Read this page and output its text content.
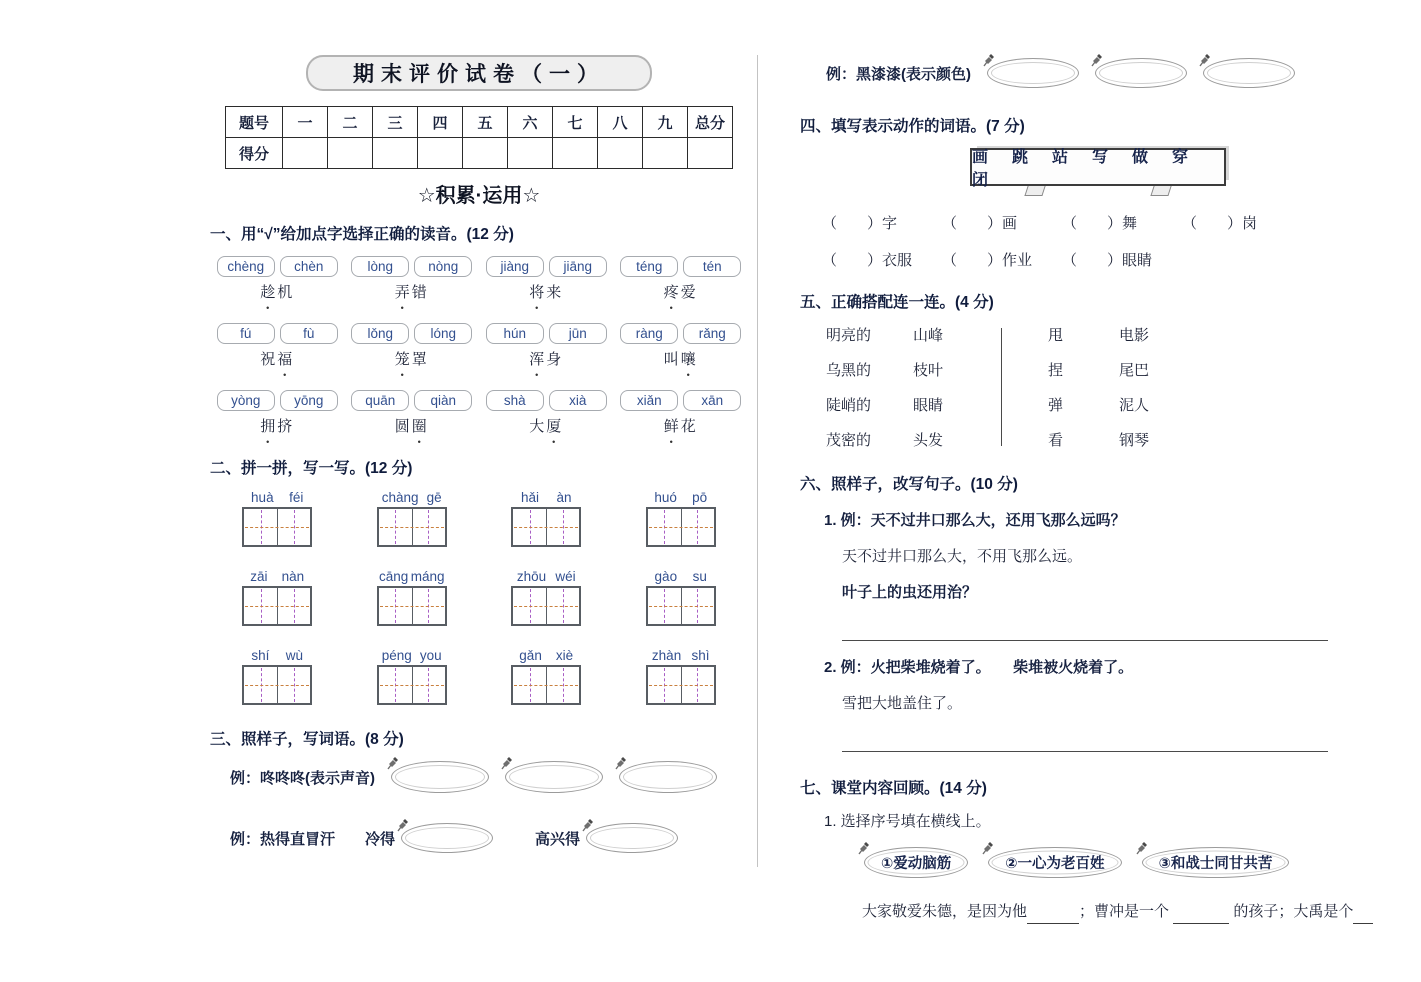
期末评价试卷（一）
题号	一	二	三	四	五	六	七	八	九	总分
得分										
☆积累·运用☆
一、用“√”给加点字选择正确的读音。(12 分)
chèng	chèn
趁机
lòng	nòng
弄错
jiàng	jiāng
将来
téng	tén
疼爱
fú	fù
祝福
lǒng	lóng
笼罩
hún	jūn
浑身
ràng	rǎng
叫嚷
yòng	yōng
拥挤
quān	qiàn
圆圈
shà	xià
大厦
xiǎn	xān
鲜花
二、拼一拼，写一写。(12 分)
huà féi	chàng gē	hǎi àn	huó pō
zāi nàn	cāng máng	zhōu wéi	gào su
shí wù	péng you	gǎn xiè	zhàn shì
三、照样子，写词语。(8 分)
例：咚咚咚(表示声音)
例：热得直冒汗 冷得	高兴得
例：黑漆漆(表示颜色)
四、填写表示动作的词语。(7 分)
画　跳　站　写　做　穿　闭
（　　）字	（　　）画	（　　）舞	（　　）岗
（　　）衣服	（　　）作业	（　　）眼睛
五、正确搭配连一连。(4 分)
明亮的	山峰
乌黑的	枝叶
陡峭的	眼睛
茂密的	头发
甩	电影
捏	尾巴
弹	泥人
看	钢琴
六、照样子，改写句子。(10 分)
1. 例：天不过井口那么大，还用飞那么远吗？
天不过井口那么大，不用飞那么远。
叶子上的虫还用治？
2. 例：火把柴堆烧着了。　　柴堆被火烧着了。
雪把大地盖住了。
七、课堂内容回顾。(14 分)
1. 选择序号填在横线上。
①爱动脑筋	②一心为老百姓	③和战士同甘共苦
大家敬爱朱德，是因为他	；曹冲是一个	的孩子；大禹是个
